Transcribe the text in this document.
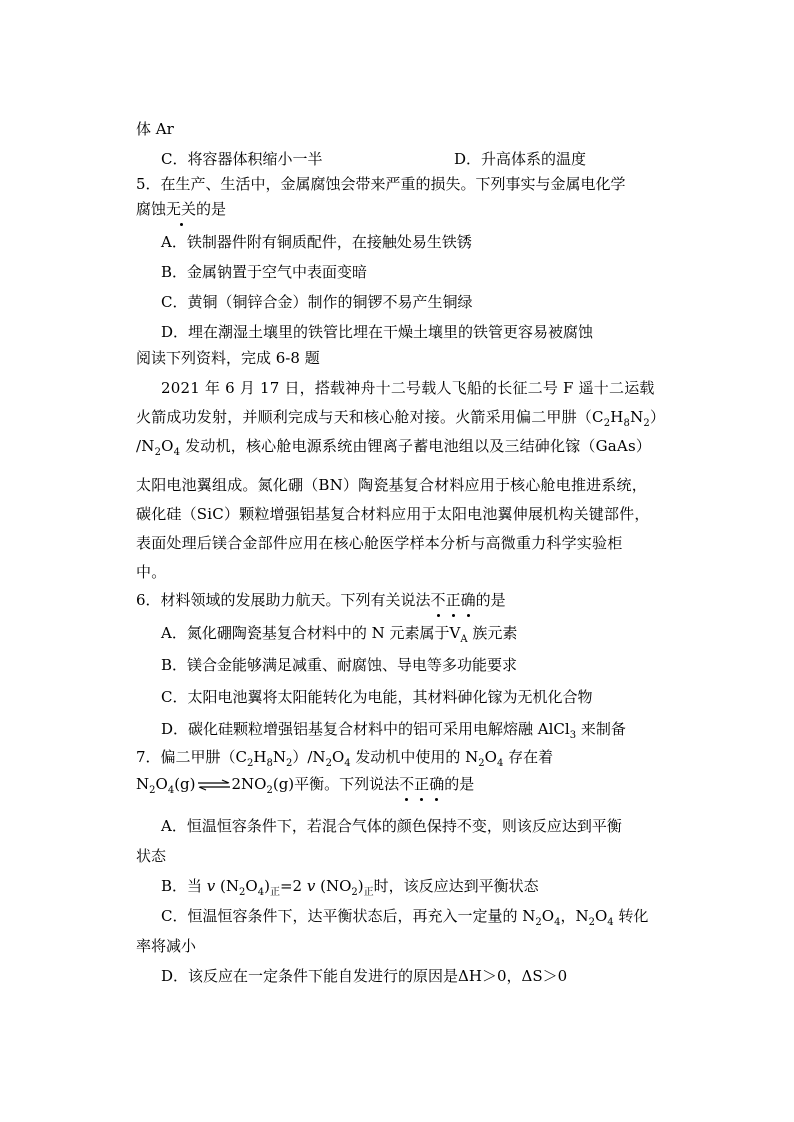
体 Ar
C．将容器体积缩小一半	D．升高体系的温度
5．在生产、生活中，金属腐蚀会带来严重的损失。下列事实与金属电化学
腐蚀无关的是
A．铁制器件附有铜质配件，在接触处易生铁锈
B．金属钠置于空气中表面变暗
C．黄铜（铜锌合金）制作的铜锣不易产生铜绿
D．埋在潮湿土壤里的铁管比埋在干燥土壤里的铁管更容易被腐蚀
阅读下列资料，完成 6-8 题
2021 年 6 月 17 日，搭载神舟十二号载人飞船的长征二号 F 遥十二运载
火箭成功发射，并顺利完成与天和核心舱对接。火箭采用偏二甲肼$(C_2H_8N_2)$
$/N_2O_4$ 发动机，核心舱电源系统由锂离子蓄电池组以及三结砷化镓（GaAs）
太阳电池翼组成。氮化硼（BN）陶瓷基复合材料应用于核心舱电推进系统，
碳化硅（SiC）颗粒增强铝基复合材料应用于太阳电池翼伸展机构关键部件，
表面处理后镁合金部件应用在核心舱医学样本分析与高微重力科学实验柜
中。
6．材料领域的发展助力航天。下列有关说法不正确的是
A．氮化硼陶瓷基复合材料中的 N 元素属于$Ⅴ_A$ 族元素
B．镁合金能够满足减重、耐腐蚀、导电等多功能要求
C．太阳电池翼将太阳能转化为电能，其材料砷化镓为无机化合物
D．碳化硅颗粒增强铝基复合材料中的铝可采用电解熔融 AlCl$_3$ 来制备
7．偏二甲肼$(C_2H_8N_2)/N_2O_4$ 发动机中使用的 $N_2O_4$ 存在着
$N_2O_4(g)\rightleftharpoons 2NO_2(g)$平衡。下列说法不正确的是
A．恒温恒容条件下，若混合气体的颜色保持不变，则该反应达到平衡
状态
B．当 v $(N_2O_4)_正=2$ v $(NO_2)_正$时，该反应达到平衡状态
C．恒温恒容条件下，达平衡状态后，再充入一定量的 $N_2O_4$，$N_2O_4$ 转化
率将减小
D．该反应在一定条件下能自发进行的原因是ΔH＞0，ΔS＞0
